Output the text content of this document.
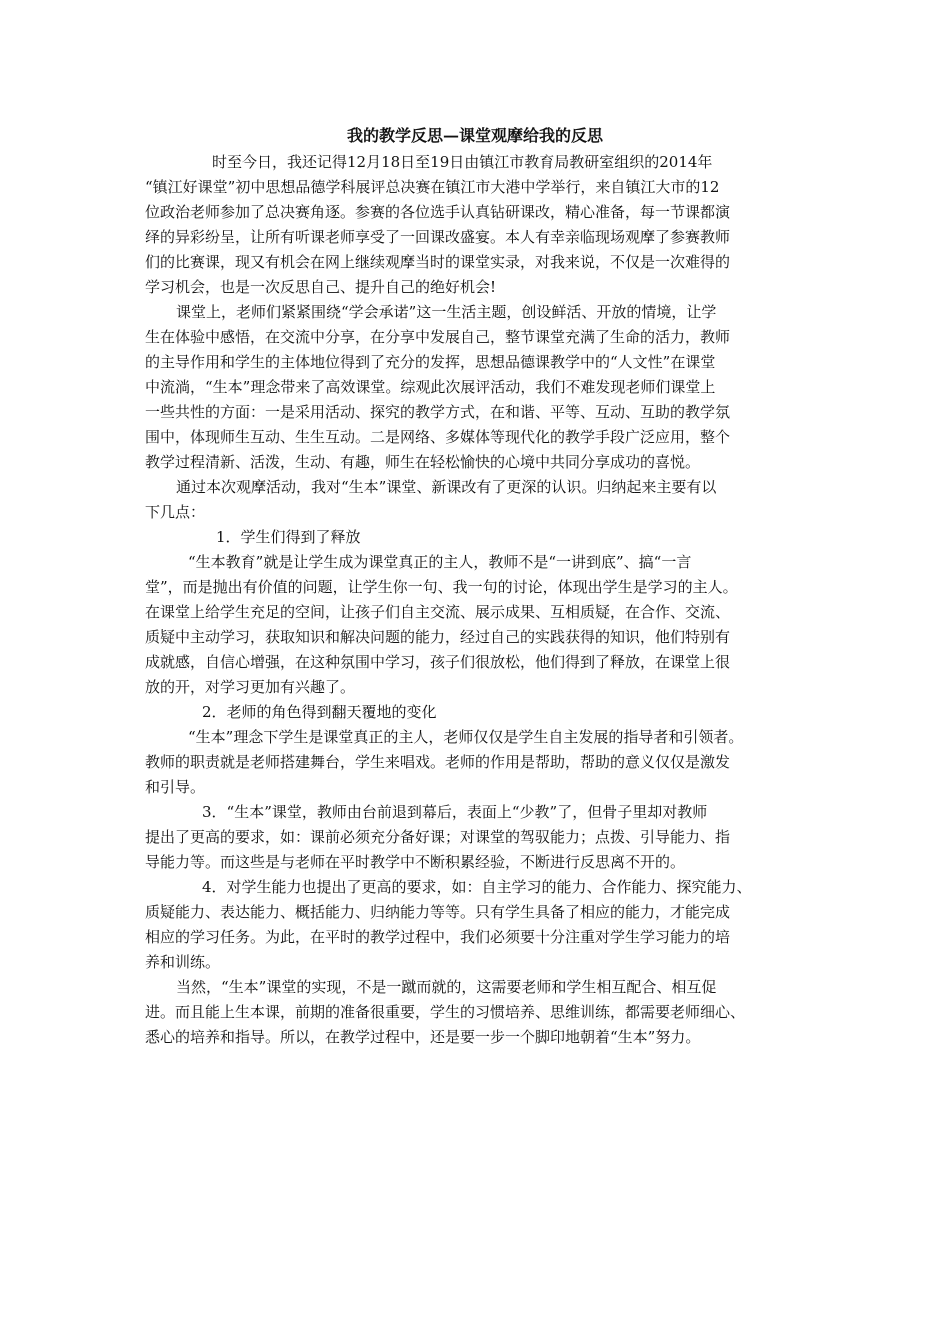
我的教学反思—课堂观摩给我的反思
时至今日，我还记得12月18日至19日由镇江市教育局教研室组织的2014年
“镇江好课堂”初中思想品德学科展评总决赛在镇江市大港中学举行，来自镇江大市的12
位政治老师参加了总决赛角逐。参赛的各位选手认真钻研课改，精心准备，每一节课都演
绎的异彩纷呈，让所有听课老师享受了一回课改盛宴。本人有幸亲临现场观摩了参赛教师
们的比赛课，现又有机会在网上继续观摩当时的课堂实录，对我来说，不仅是一次难得的
学习机会，也是一次反思自己、提升自己的绝好机会!
课堂上，老师们紧紧围绕“学会承诺”这一生活主题，创设鲜活、开放的情境，让学
生在体验中感悟，在交流中分享，在分享中发展自己，整节课堂充满了生命的活力，教师
的主导作用和学生的主体地位得到了充分的发挥，思想品德课教学中的“人文性”在课堂
中流淌，“生本”理念带来了高效课堂。综观此次展评活动，我们不难发现老师们课堂上
一些共性的方面：一是采用活动、探究的教学方式，在和谐、平等、互动、互助的教学氛
围中，体现师生互动、生生互动。二是网络、多媒体等现代化的教学手段广泛应用，整个
教学过程清新、活泼，生动、有趣，师生在轻松愉快的心境中共同分享成功的喜悦。
通过本次观摩活动，我对“生本”课堂、新课改有了更深的认识。归纳起来主要有以
下几点：
1．学生们得到了释放
“生本教育”就是让学生成为课堂真正的主人，教师不是“一讲到底”、搞“一言
堂”，而是抛出有价值的问题，让学生你一句、我一句的讨论，体现出学生是学习的主人。
在课堂上给学生充足的空间，让孩子们自主交流、展示成果、互相质疑，在合作、交流、
质疑中主动学习，获取知识和解决问题的能力，经过自己的实践获得的知识，他们特别有
成就感，自信心增强，在这种氛围中学习，孩子们很放松，他们得到了释放，在课堂上很
放的开，对学习更加有兴趣了。
2．老师的角色得到翻天覆地的变化
“生本”理念下学生是课堂真正的主人，老师仅仅是学生自主发展的指导者和引领者。
教师的职责就是老师搭建舞台，学生来唱戏。老师的作用是帮助，帮助的意义仅仅是激发
和引导。
3．“生本”课堂，教师由台前退到幕后，表面上“少教”了，但骨子里却对教师
提出了更高的要求，如：课前必须充分备好课；对课堂的驾驭能力；点拨、引导能力、指
导能力等。而这些是与老师在平时教学中不断积累经验，不断进行反思离不开的。
4．对学生能力也提出了更高的要求，如：自主学习的能力、合作能力、探究能力、
质疑能力、表达能力、概括能力、归纳能力等等。只有学生具备了相应的能力，才能完成
相应的学习任务。为此，在平时的教学过程中，我们必须要十分注重对学生学习能力的培
养和训练。
当然，“生本”课堂的实现，不是一蹴而就的，这需要老师和学生相互配合、相互促
进。而且能上生本课，前期的准备很重要，学生的习惯培养、思维训练，都需要老师细心、
悉心的培养和指导。所以，在教学过程中，还是要一步一个脚印地朝着“生本”努力。
